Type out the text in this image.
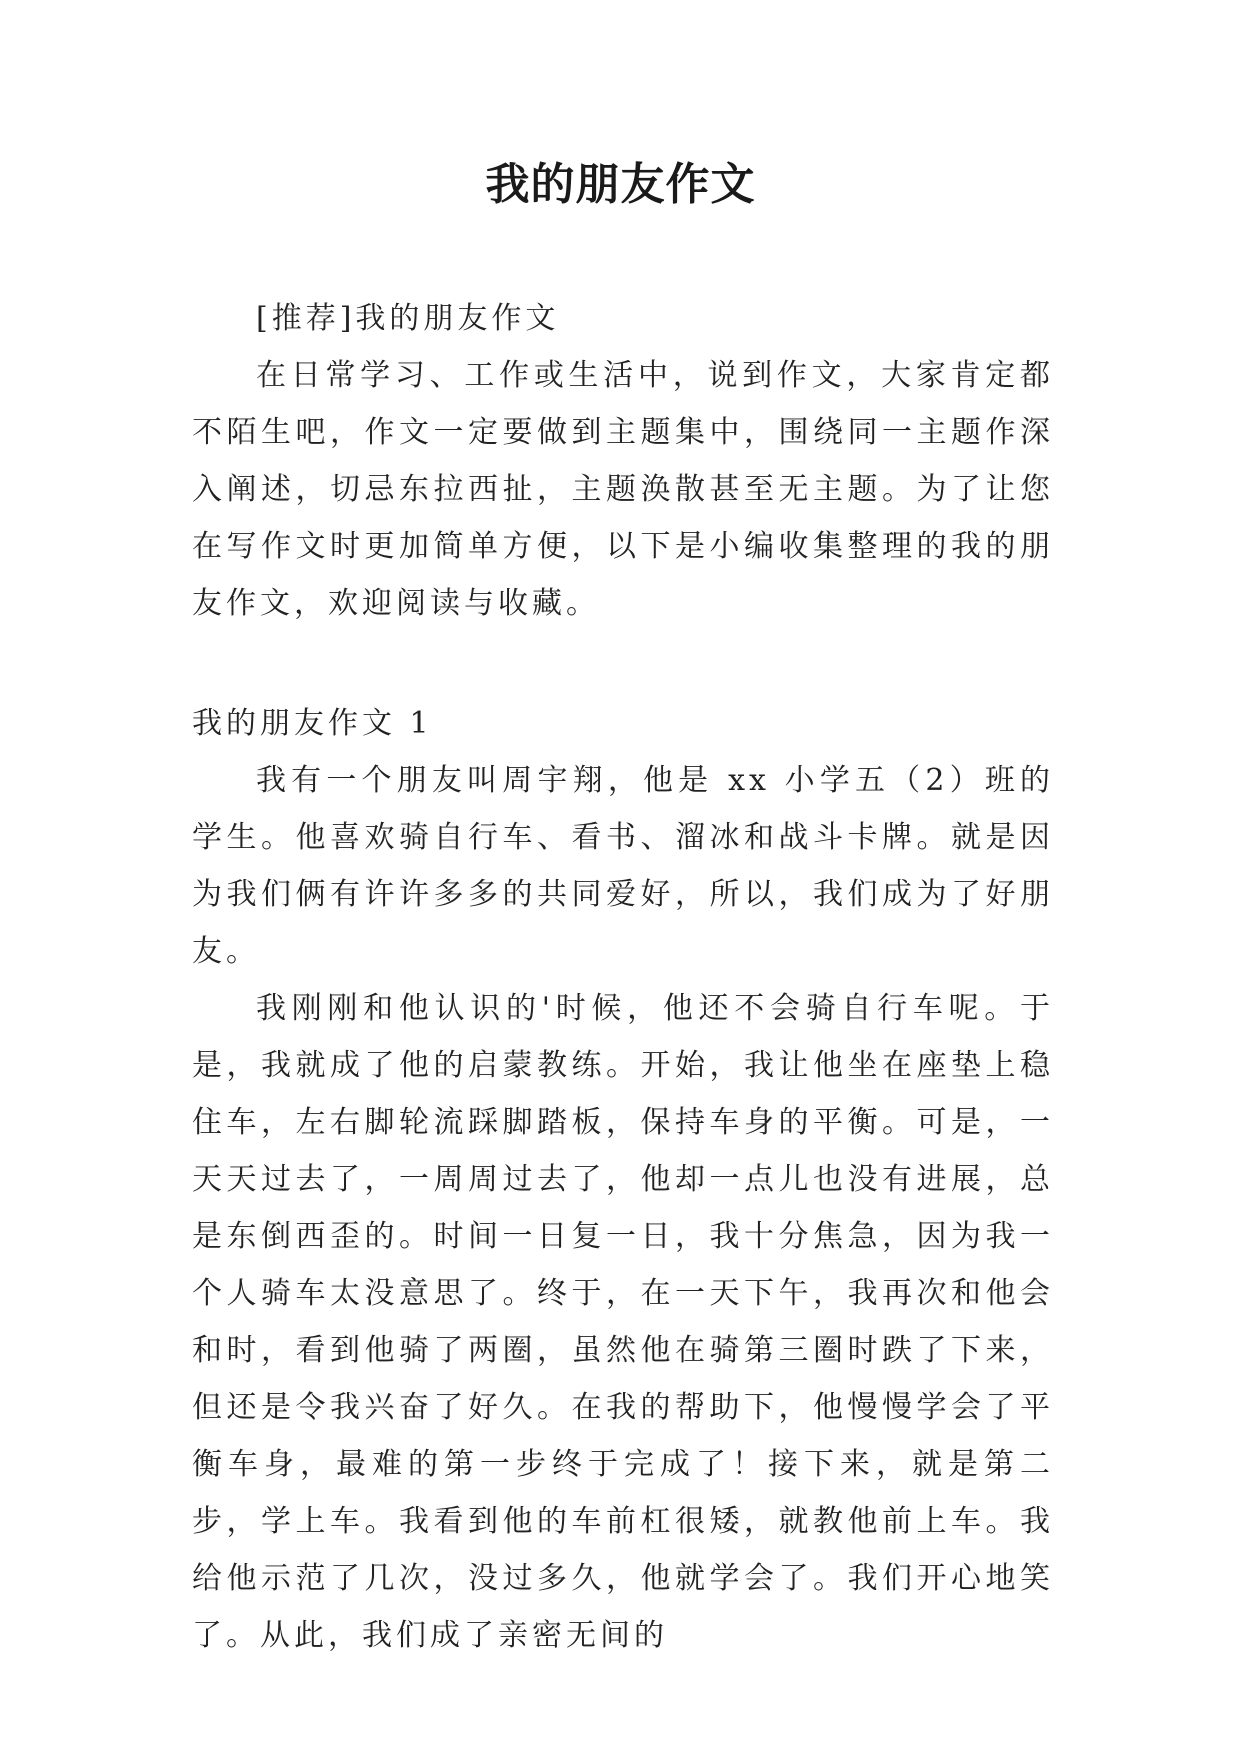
我的朋友作文

[推荐]我的朋友作文

在日常学习、工作或生活中，说到作文，大家肯定都不陌生吧，作文一定要做到主题集中，围绕同一主题作深入阐述，切忌东拉西扯，主题涣散甚至无主题。为了让您在写作文时更加简单方便，以下是小编收集整理的我的朋友作文，欢迎阅读与收藏。

我的朋友作文 1

我有一个朋友叫周宇翔，他是 xx 小学五（2）班的学生。他喜欢骑自行车、看书、溜冰和战斗卡牌。就是因为我们俩有许许多多的共同爱好，所以，我们成为了好朋友。

我刚刚和他认识的'时候，他还不会骑自行车呢。于是，我就成了他的启蒙教练。开始，我让他坐在座垫上稳住车，左右脚轮流踩脚踏板，保持车身的平衡。可是，一天天过去了，一周周过去了，他却一点儿也没有进展，总是东倒西歪的。时间一日复一日，我十分焦急，因为我一个人骑车太没意思了。终于，在一天下午，我再次和他会和时，看到他骑了两圈，虽然他在骑第三圈时跌了下来，但还是令我兴奋了好久。在我的帮助下，他慢慢学会了平衡车身，最难的第一步终于完成了！接下来，就是第二步，学上车。我看到他的车前杠很矮，就教他前上车。我给他示范了几次，没过多久，他就学会了。我们开心地笑了。从此，我们成了亲密无间的
